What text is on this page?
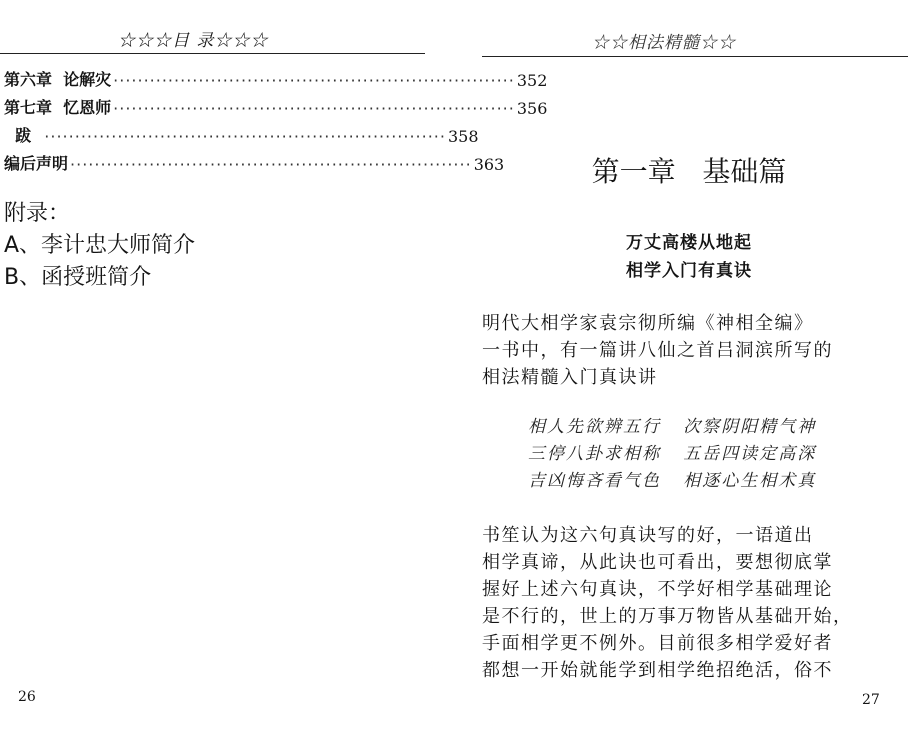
☆☆☆目 录☆☆☆
第六章  论解灾 ·································································· 352
第七章  忆恩师 ·································································· 356
跋 ·································································· 358
编后声明 ·································································· 363
附录：
A、李计忠大师简介
B、函授班简介
26
☆☆相法精髓☆☆
第一章   基础篇
万丈高楼从地起
相学入门有真诀

明代大相学家袁宗彻所编《神相全编》
一书中，有一篇讲八仙之首吕洞滨所写的
相法精髓入门真诀讲

相人先欲辨五行   次察阴阳精气神
三停八卦求相称   五岳四读定高深
吉凶悔吝看气色   相逐心生相术真

书笙认为这六句真诀写的好，一语道出
相学真谛，从此诀也可看出，要想彻底掌
握好上述六句真诀，不学好相学基础理论
是不行的，世上的万事万物皆从基础开始，
手面相学更不例外。目前很多相学爱好者
都想一开始就能学到相学绝招绝活，俗不

27
